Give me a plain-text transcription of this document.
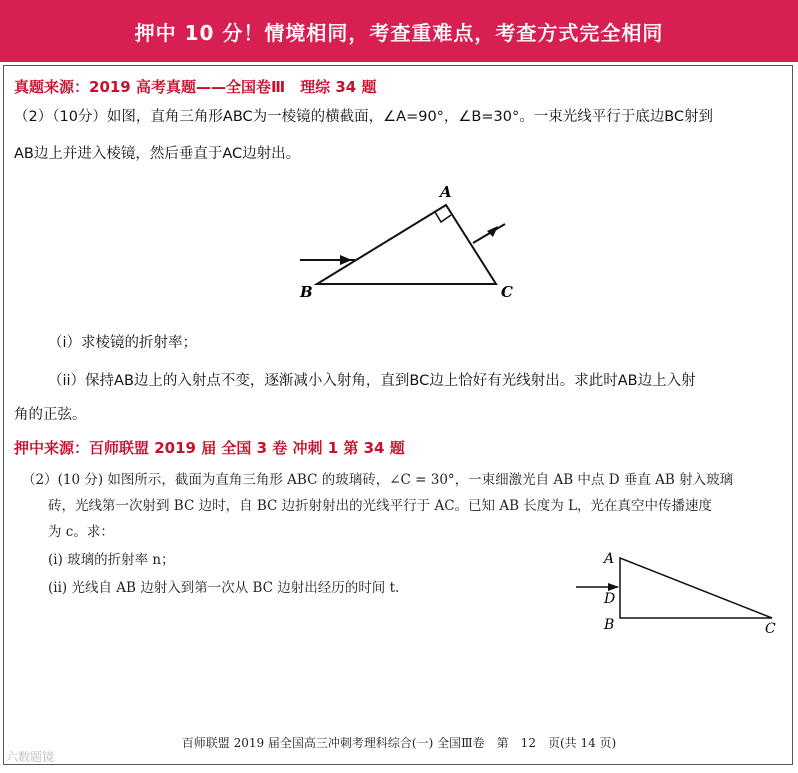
押中 10 分！情境相同，考查重难点，考查方式完全相同
真题来源：2019 高考真题——全国卷Ⅲ　理综 34 题
（2）（10分）如图，直角三角形ABC为一棱镜的横截面，∠A=90°，∠B=30°。一束光线平行于底边BC射到
AB边上并进入棱镜，然后垂直于AC边射出。
A
B	C
（i）求棱镜的折射率；
（ii）保持AB边上的入射点不变，逐渐减小入射角，直到BC边上恰好有光线射出。求此时AB边上入射
角的正弦。
押中来源：百师联盟 2019 届 全国 3 卷 冲刺 1 第 34 题
（2）(10 分) 如图所示，截面为直角三角形 ABC 的玻璃砖，∠C = 30°，一束细激光自 AB 中点 D 垂直 AB 射入玻璃
砖，光线第一次射到 BC 边时，自 BC 边折射射出的光线平行于 AC。已知 AB 长度为 L，光在真空中传播速度
为 c。求：
(i) 玻璃的折射率 n；
(ii) 光线自 AB 边射入到第一次从 BC 边射出经历的时间 t.
A
D
B	C
百师联盟 2019 届全国高三冲刺考理科综合(一) 全国Ⅲ卷　第　12　页(共 14 页)
六数题镜
